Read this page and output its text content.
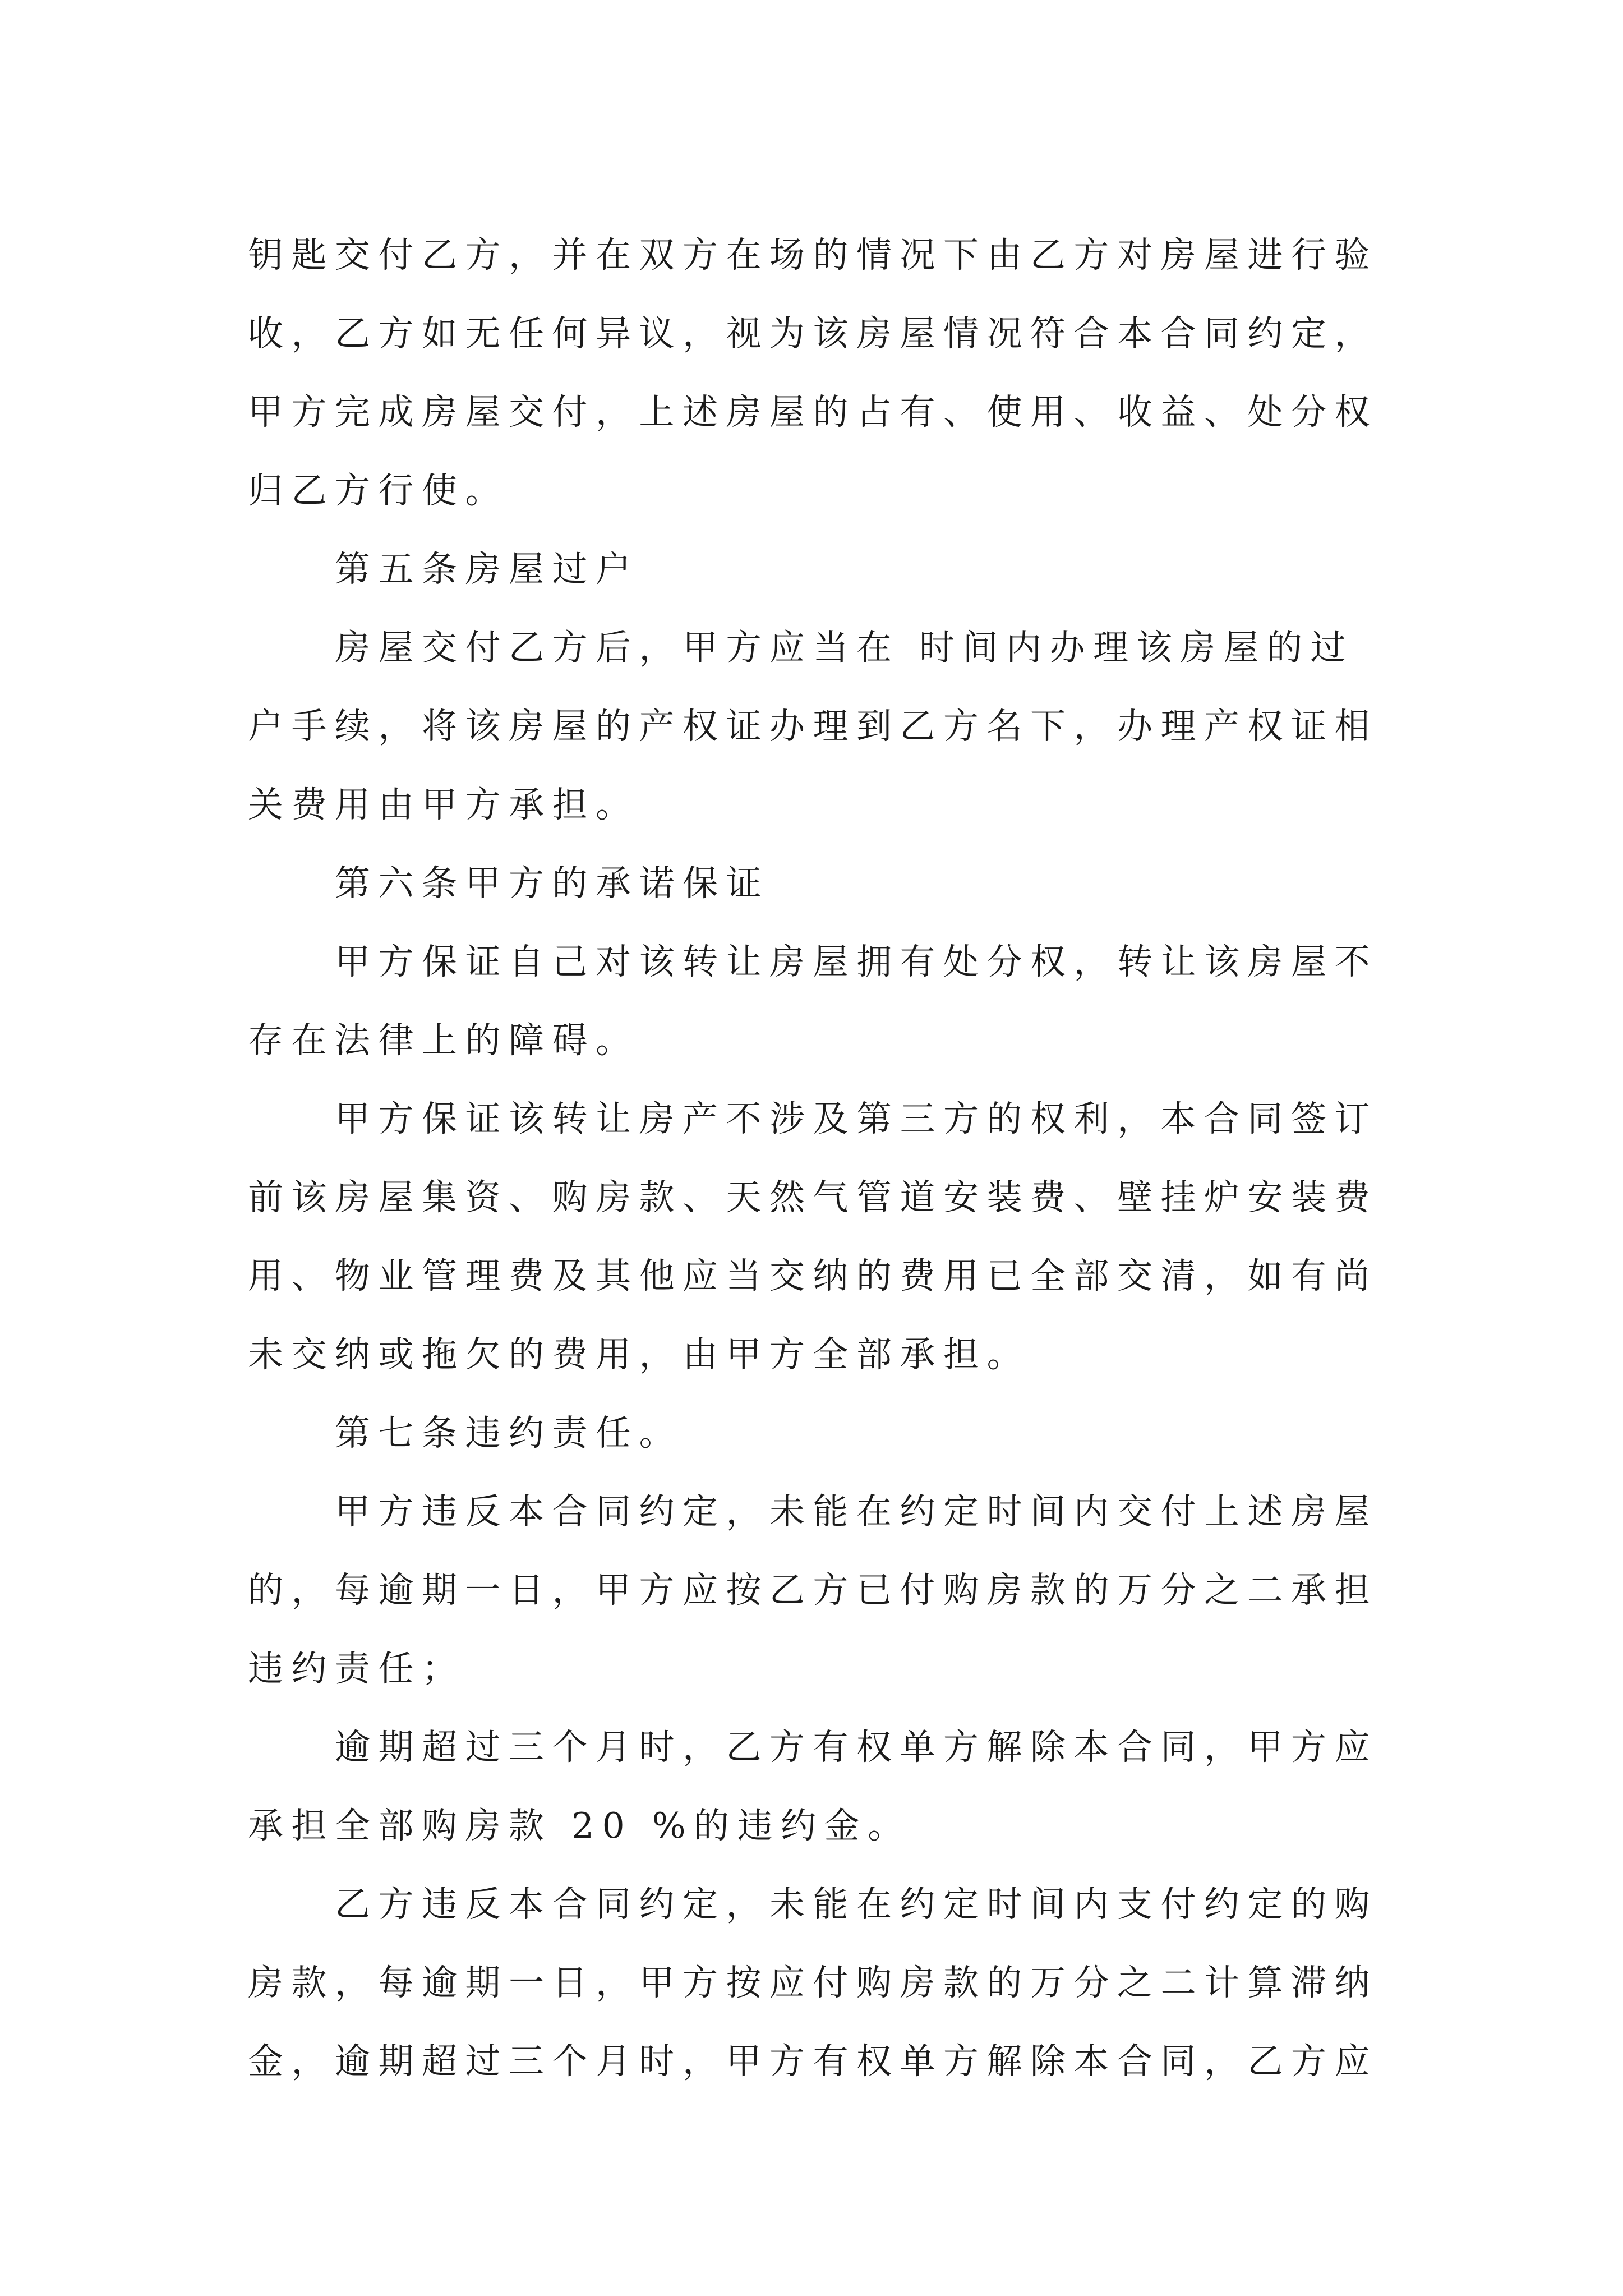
钥匙交付乙方，并在双方在场的情况下由乙方对房屋进行验收，乙方如无任何异议，视为该房屋情况符合本合同约定，甲方完成房屋交付，上述房屋的占有、使用、收益、处分权归乙方行使。

第五条房屋过户

房屋交付乙方后，甲方应当在 时间内办理该房屋的过户手续，将该房屋的产权证办理到乙方名下，办理产权证相关费用由甲方承担。

第六条甲方的承诺保证

甲方保证自己对该转让房屋拥有处分权，转让该房屋不存在法律上的障碍。

甲方保证该转让房产不涉及第三方的权利，本合同签订前该房屋集资、购房款、天然气管道安装费、壁挂炉安装费用、物业管理费及其他应当交纳的费用已全部交清，如有尚未交纳或拖欠的费用，由甲方全部承担。

第七条违约责任。

甲方违反本合同约定，未能在约定时间内交付上述房屋的，每逾期一日，甲方应按乙方已付购房款的万分之二承担违约责任；

逾期超过三个月时，乙方有权单方解除本合同，甲方应承担全部购房款 20 %的违约金。

乙方违反本合同约定，未能在约定时间内支付约定的购房款，每逾期一日，甲方按应付购房款的万分之二计算滞纳金，逾期超过三个月时，甲方有权单方解除本合同，乙方应
